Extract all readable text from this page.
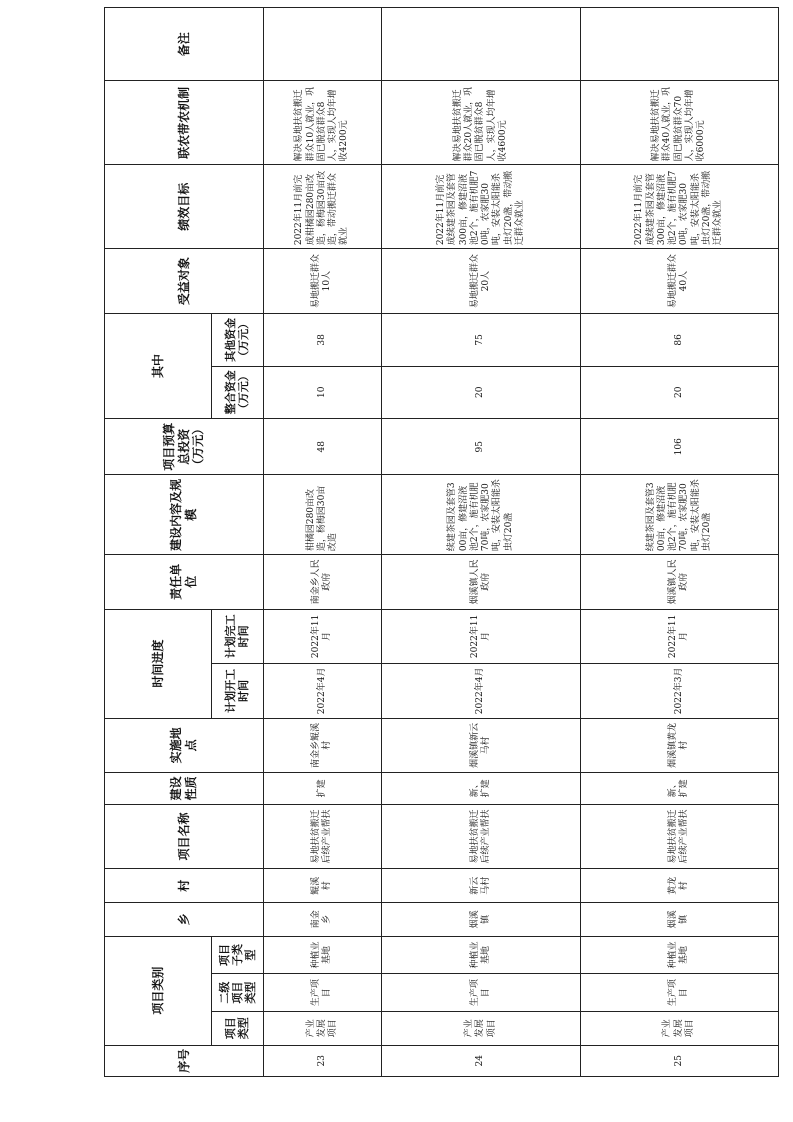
序号	项目类别			乡	村	项目名称	建设性质	实施地点	时间进度		责任单位	建设内容及规模	项目预算总投资（万元）	其中		受益对象	绩效目标	联农带农机制	备注
	项目类型	二级项目类型	项目子类型						计划开工时间	计划完工时间				整合资金（万元）	其他资金（万元）				
23	产业发展项目	生产项目	种植业基地	南金乡	鲲溪村	易地扶贫搬迁后续产业帮扶	扩建	南金乡鲲溪村	2022年4月	2022年11月	南金乡人民政府	柑橘园280亩改造，杨梅园30亩改造	48	10	38	易地搬迁群众10人	2022年11月前完成柑橘园280亩改造，杨梅园30亩改造，带动搬迁群众就业	解决易地扶贫搬迁群众10人就业，巩固已脱贫群众8人，实现人均年增收4200元	
24	产业发展项目	生产项目	种植业基地	烟溪镇	新云马村	易地扶贫搬迁后续产业帮扶	新、扩建	烟溪镇新云马村	2022年4月	2022年11月	烟溪镇人民政府	续建茶园及套管300亩，修建沼液池2个，施有机肥70吨，农家肥30吨，安装太阳能杀虫灯20盏	95	20	75	易地搬迁群众20人	2022年11月前完成续建茶园及套管300亩，修建沼液池2个，施有机肥70吨，农家肥30吨，安装太阳能杀虫灯20盏，带动搬迁群众就业	解决易地扶贫搬迁群众20人就业，巩固已脱贫群众8人，实现人均年增收4600元	
25	产业发展项目	生产项目	种植业基地	烟溪镇	黄龙村	易地扶贫搬迁后续产业帮扶	新、扩建	烟溪镇黄龙村	2022年3月	2022年11月	烟溪镇人民政府	续建茶园及套管300亩，修建沼液池2个，施有机肥70吨，农家肥30吨，安装太阳能杀虫灯20盏	106	20	86	易地搬迁群众40人	2022年11月前完成续建茶园及套管300亩，修建沼液池2个，施有机肥70吨，农家肥30吨，安装太阳能杀虫灯20盏，带动搬迁群众就业	解决易地扶贫搬迁群众40人就业，巩固已脱贫群众70人，实现人均年增收6000元	
